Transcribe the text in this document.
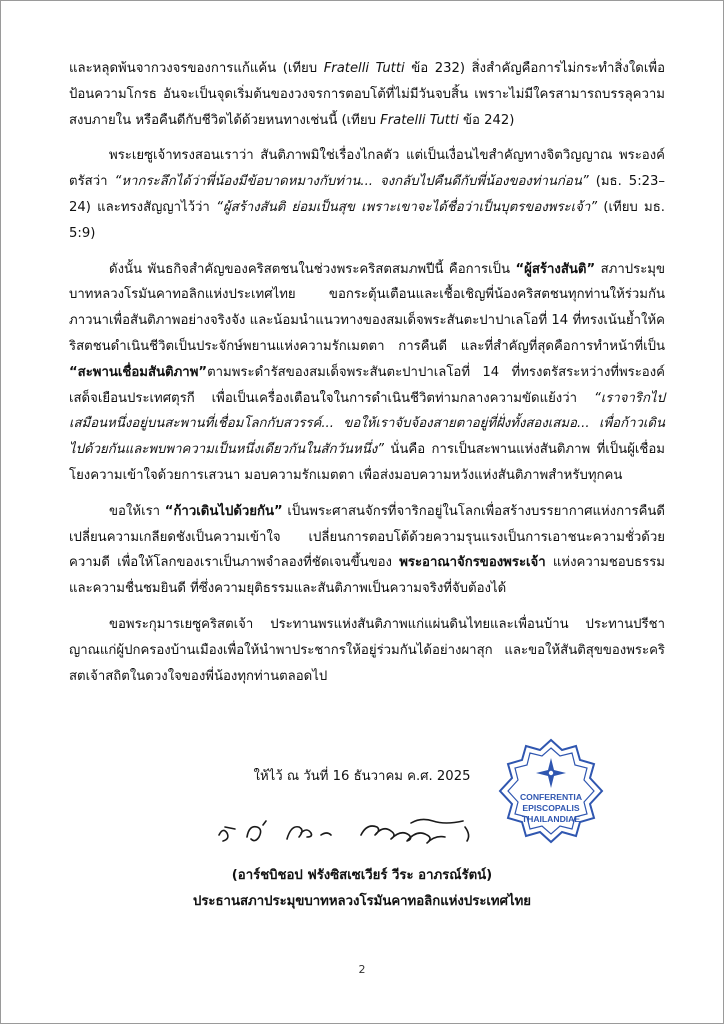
และหลุดพ้นจากวงจรของการแก้แค้น (เทียบ Fratelli Tutti ข้อ 232) สิ่งสำคัญคือการไม่กระทำสิ่งใดเพื่อป้อนความโกรธ อันจะเป็นจุดเริ่มต้นของวงจรการตอบโต้ที่ไม่มีวันจบสิ้น เพราะไม่มีใครสามารถบรรลุความสงบภายใน หรือคืนดีกับชีวิตได้ด้วยหนทางเช่นนี้ (เทียบ Fratelli Tutti ข้อ 242)

พระเยซูเจ้าทรงสอนเราว่า สันติภาพมิใช่เรื่องไกลตัว แต่เป็นเงื่อนไขสำคัญทางจิตวิญญาณ พระองค์ตรัสว่า “หากระลึกได้ว่าพี่น้องมีข้อบาดหมางกับท่าน... จงกลับไปคืนดีกับพี่น้องของท่านก่อน” (มธ. 5:23–24) และทรงสัญญาไว้ว่า “ผู้สร้างสันติ ย่อมเป็นสุข เพราะเขาจะได้ชื่อว่าเป็นบุตรของพระเจ้า” (เทียบ มธ. 5:9)

ดังนั้น พันธกิจสำคัญของคริสตชนในช่วงพระคริสตสมภพปีนี้ คือการเป็น “ผู้สร้างสันติ” สภาประมุขบาทหลวงโรมันคาทอลิกแห่งประเทศไทย ขอกระตุ้นเตือนและเชื้อเชิญพี่น้องคริสตชนทุกท่านให้ร่วมกันภาวนาเพื่อสันติภาพอย่างจริงจัง และน้อมนำแนวทางของสมเด็จพระสันตะปาปาเลโอที่ 14 ที่ทรงเน้นย้ำให้คริสตชนดำเนินชีวิตเป็นประจักษ์พยานแห่งความรักเมตตา การคืนดี และที่สำคัญที่สุดคือการทำหน้าที่เป็น “สะพานเชื่อมสันติภาพ”ตามพระดำรัสของสมเด็จพระสันตะปาปาเลโอที่ 14 ที่ทรงตรัสระหว่างที่พระองค์เสด็จเยือนประเทศตุรกี เพื่อเป็นเครื่องเตือนใจในการดำเนินชีวิตท่ามกลางความขัดแย้งว่า “เราจาริกไปเสมือนหนึ่งอยู่บนสะพานที่เชื่อมโลกกับสวรรค์... ขอให้เราจับจ้องสายตาอยู่ที่ฝั่งทั้งสองเสมอ... เพื่อก้าวเดินไปด้วยกันและพบพาความเป็นหนึ่งเดียวกันในสักวันหนึ่ง” นั่นคือ การเป็นสะพานแห่งสันติภาพ ที่เป็นผู้เชื่อมโยงความเข้าใจด้วยการเสวนา มอบความรักเมตตา เพื่อส่งมอบความหวังแห่งสันติภาพสำหรับทุกคน

ขอให้เรา “ก้าวเดินไปด้วยกัน” เป็นพระศาสนจักรที่จาริกอยู่ในโลกเพื่อสร้างบรรยากาศแห่งการคืนดี เปลี่ยนความเกลียดชังเป็นความเข้าใจ เปลี่ยนการตอบโต้ด้วยความรุนแรงเป็นการเอาชนะความชั่วด้วยความดี เพื่อให้โลกของเราเป็นภาพจำลองที่ชัดเจนขึ้นของ พระอาณาจักรของพระเจ้า แห่งความชอบธรรม และความชื่นชมยินดี ที่ซึ่งความยุติธรรมและสันติภาพเป็นความจริงที่จับต้องได้

ขอพระกุมารเยซูคริสตเจ้า ประทานพรแห่งสันติภาพแก่แผ่นดินไทยและเพื่อนบ้าน ประทานปรีชาญาณแก่ผู้ปกครองบ้านเมืองเพื่อให้นำพาประชากรให้อยู่ร่วมกันได้อย่างผาสุก และขอให้สันติสุขของพระคริสตเจ้าสถิตในดวงใจของพี่น้องทุกท่านตลอดไป

ให้ไว้ ณ วันที่ 16 ธันวาคม ค.ศ. 2025
(อาร์ชบิชอป ฟรังซิสเซเวียร์ วีระ อาภรณ์รัตน์)
ประธานสภาประมุขบาทหลวงโรมันคาทอลิกแห่งประเทศไทย
CONFERENTIA
EPISCOPALIS
THAILANDIAE
2
